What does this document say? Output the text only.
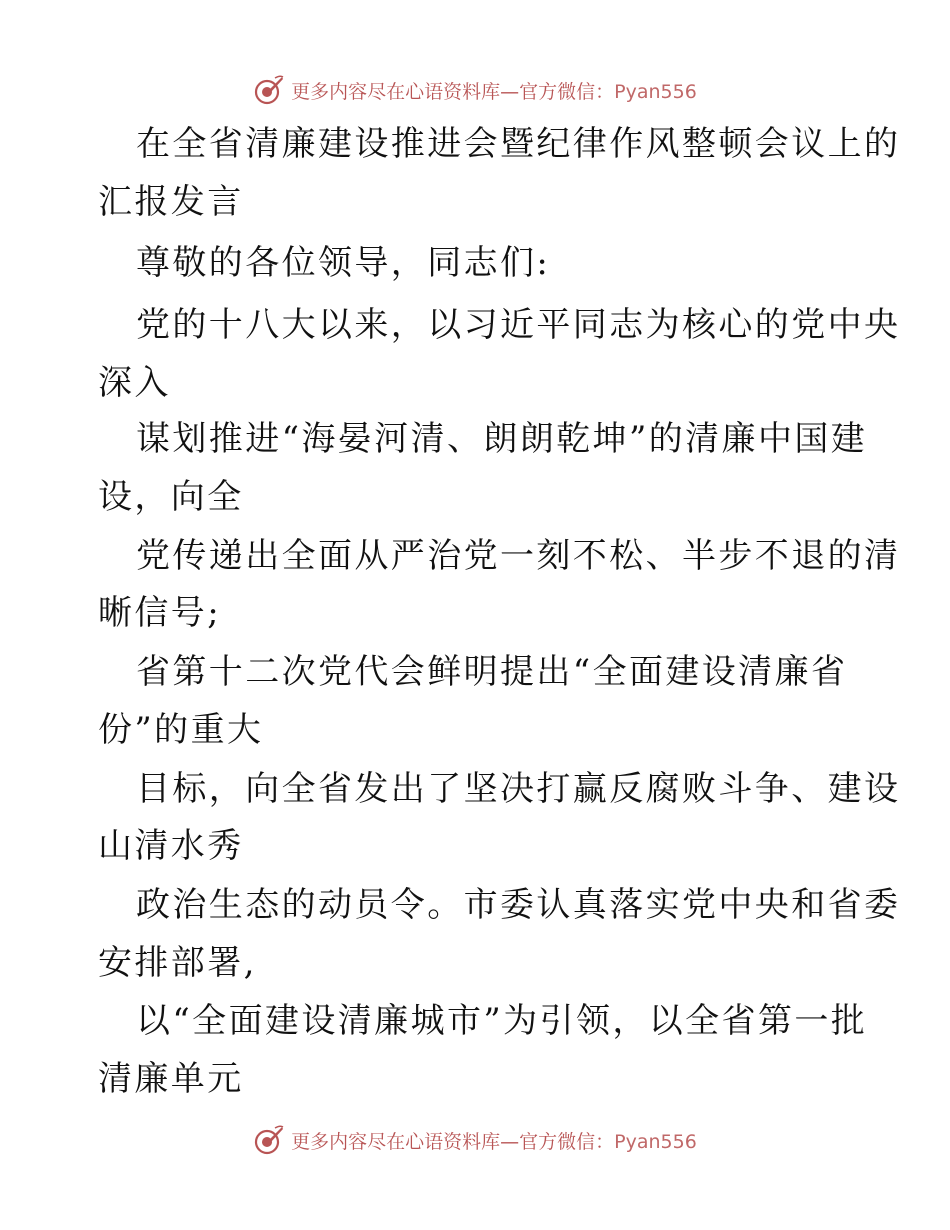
更多内容尽在心语资料库—官方微信：Pyan556
在全省清廉建设推进会暨纪律作风整顿会议上的
汇报发言
尊敬的各位领导，同志们:
党的十八大以来，以习近平同志为核心的党中央
深入
谋划推进“海晏河清、朗朗乾坤”的清廉中国建
设，向全
党传递出全面从严治党一刻不松、半步不退的清
晰信号;
省第十二次党代会鲜明提出“全面建设清廉省
份”的重大
目标，向全省发出了坚决打赢反腐败斗争、建设
山清水秀
政治生态的动员令。市委认真落实党中央和省委
安排部署,
以“全面建设清廉城市”为引领，以全省第一批
清廉单元
更多内容尽在心语资料库—官方微信：Pyan556
